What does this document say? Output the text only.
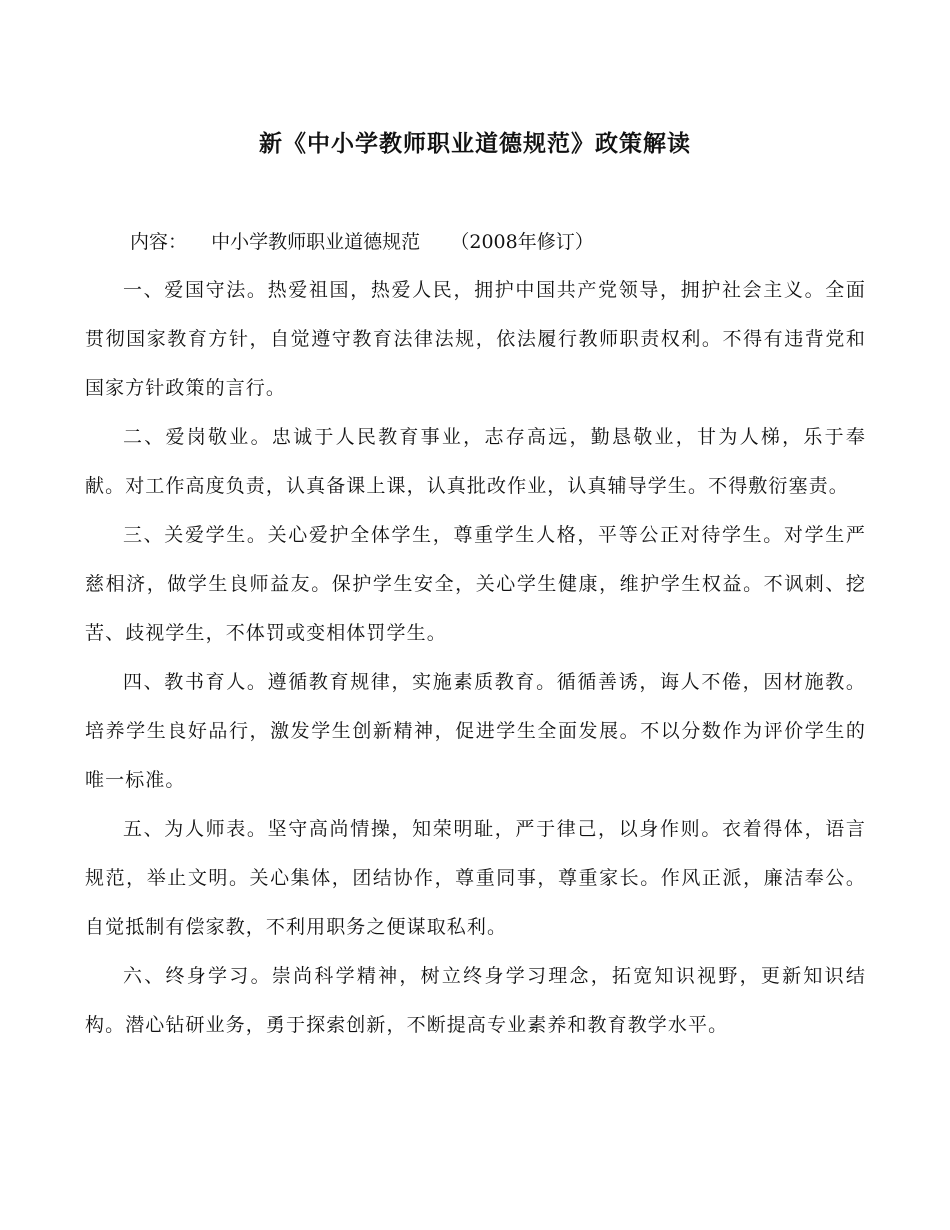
新《中小学教师职业道德规范》政策解读
内容：    中小学教师职业道德规范     （2008年修订）

一、爱国守法。热爱祖国，热爱人民，拥护中国共产党领导，拥护社会主义。全面贯彻国家教育方针，自觉遵守教育法律法规，依法履行教师职责权利。不得有违背党和国家方针政策的言行。

二、爱岗敬业。忠诚于人民教育事业，志存高远，勤恳敬业，甘为人梯，乐于奉献。对工作高度负责，认真备课上课，认真批改作业，认真辅导学生。不得敷衍塞责。

三、关爱学生。关心爱护全体学生，尊重学生人格，平等公正对待学生。对学生严慈相济，做学生良师益友。保护学生安全，关心学生健康，维护学生权益。不讽刺、挖苦、歧视学生，不体罚或变相体罚学生。

四、教书育人。遵循教育规律，实施素质教育。循循善诱，诲人不倦，因材施教。培养学生良好品行，激发学生创新精神，促进学生全面发展。不以分数作为评价学生的唯一标准。

五、为人师表。坚守高尚情操，知荣明耻，严于律己，以身作则。衣着得体，语言规范，举止文明。关心集体，团结协作，尊重同事，尊重家长。作风正派，廉洁奉公。自觉抵制有偿家教，不利用职务之便谋取私利。

六、终身学习。崇尚科学精神，树立终身学习理念，拓宽知识视野，更新知识结构。潜心钻研业务，勇于探索创新，不断提高专业素养和教育教学水平。
